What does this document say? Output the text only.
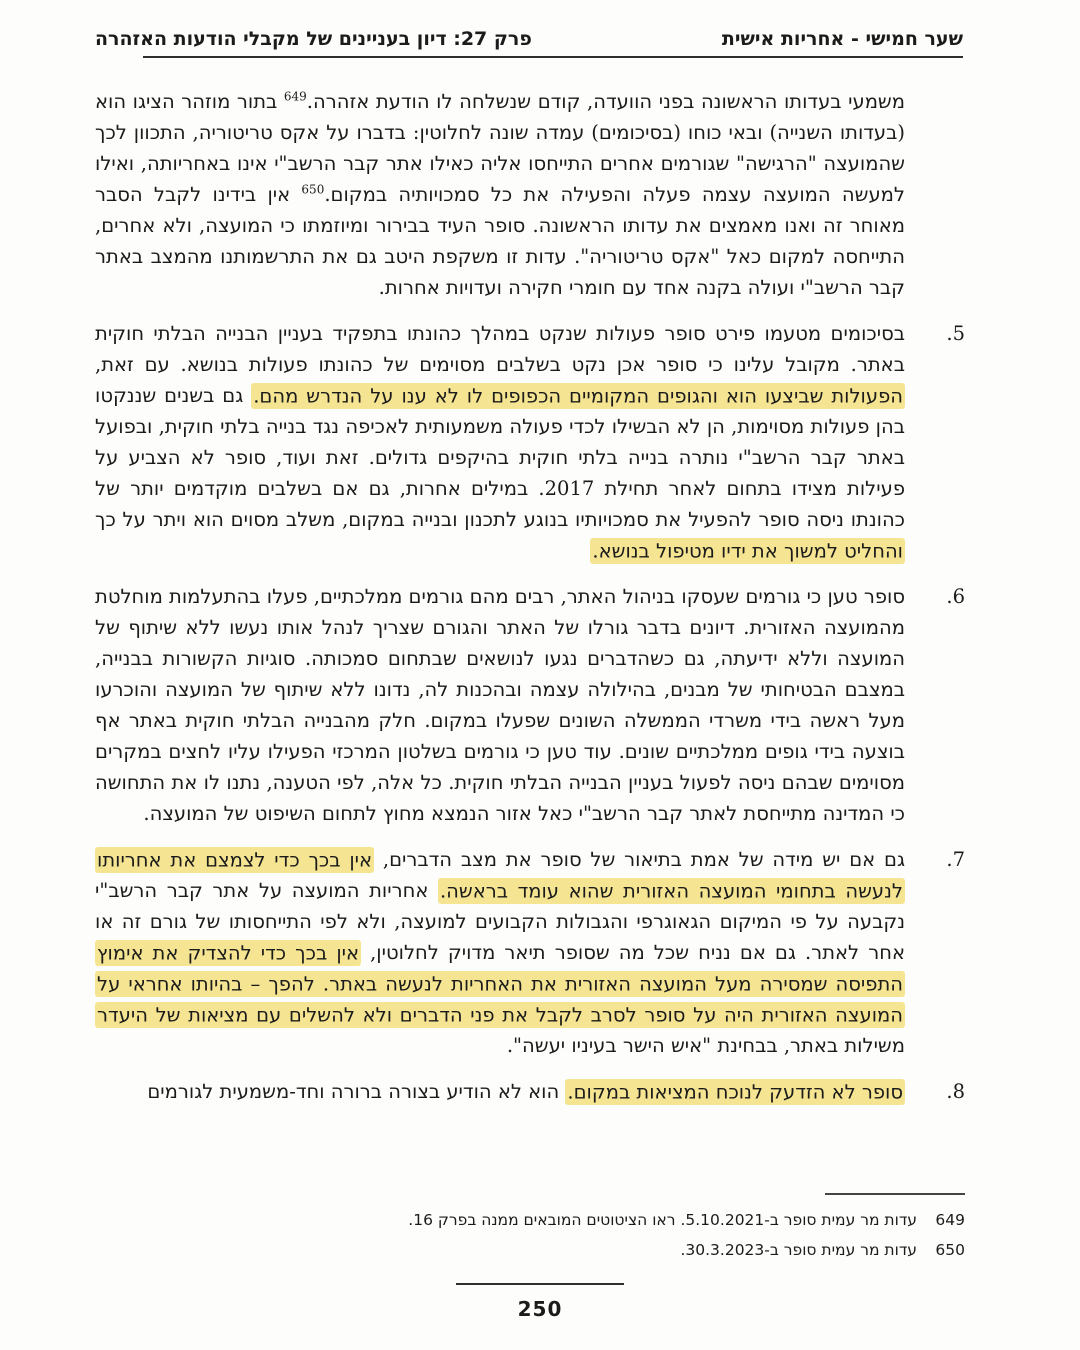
שער חמישי - אחריות אישית
פרק 27: דיון בעניינים של מקבלי הודעות האזהרה
משמעי בעדותו הראשונה בפני הוועדה, קודם שנשלחה לו הודעת אזהרה.$^{649}$ בתור מוזהר הציגו הוא (בעדותו השנייה) ובאי כוחו (בסיכומים) עמדה שונה לחלוטין: בדברו על אקס טריטוריה, התכוון לכך שהמועצה "הרגישה" שגורמים אחרים התייחסו אליה כאילו אתר קבר הרשב"י אינו באחריותה, ואילו למעשה המועצה עצמה פעלה והפעילה את כל סמכויותיה במקום.$^{650}$ אין בידינו לקבל הסבר מאוחר זה ואנו מאמצים את עדותו הראשונה. סופר העיד בבירור ומיוזמתו כי המועצה, ולא אחרים, התייחסה למקום כאל "אקס טריטוריה". עדות זו משקפת היטב גם את התרשמותנו מהמצב באתר קבר הרשב"י ועולה בקנה אחד עם חומרי חקירה ועדויות אחרות.
5.
בסיכומים מטעמו פירט סופר פעולות שנקט במהלך כהונתו בתפקיד בעניין הבנייה הבלתי חוקית באתר. מקובל עלינו כי סופר אכן נקט בשלבים מסוימים של כהונתו פעולות בנושא. עם זאת, הפעולות שביצעו הוא והגופים המקומיים הכפופים לו לא ענו על הנדרש מהם. גם בשנים שננקטו בהן פעולות מסוימות, הן לא הבשילו לכדי פעולה משמעותית לאכיפה נגד בנייה בלתי חוקית, ובפועל באתר קבר הרשב"י נותרה בנייה בלתי חוקית בהיקפים גדולים. זאת ועוד, סופר לא הצביע על פעילות מצידו בתחום לאחר תחילת 2017. במילים אחרות, גם אם בשלבים מוקדמים יותר של כהונתו ניסה סופר להפעיל את סמכויותיו בנוגע לתכנון ובנייה במקום, משלב מסוים הוא ויתר על כך והחליט למשוך את ידיו מטיפול בנושא.
6.
סופר טען כי גורמים שעסקו בניהול האתר, רבים מהם גורמים ממלכתיים, פעלו בהתעלמות מוחלטת מהמועצה האזורית. דיונים בדבר גורלו של האתר והגורם שצריך לנהל אותו נעשו ללא שיתוף של המועצה וללא ידיעתה, גם כשהדברים נגעו לנושאים שבתחום סמכותה. סוגיות הקשורות בבנייה, במצבם הבטיחותי של מבנים, בהילולה עצמה ובהכנות לה, נדונו ללא שיתוף של המועצה והוכרעו מעל ראשה בידי משרדי הממשלה השונים שפעלו במקום. חלק מהבנייה הבלתי חוקית באתר אף בוצעה בידי גופים ממלכתיים שונים. עוד טען כי גורמים בשלטון המרכזי הפעילו עליו לחצים במקרים מסוימים שבהם ניסה לפעול בעניין הבנייה הבלתי חוקית. כל אלה, לפי הטענה, נתנו לו את התחושה כי המדינה מתייחסת לאתר קבר הרשב"י כאל אזור הנמצא מחוץ לתחום השיפוט של המועצה.
7.
גם אם יש מידה של אמת בתיאור של סופר את מצב הדברים, אין בכך כדי לצמצם את אחריותו לנעשה בתחומי המועצה האזורית שהוא עומד בראשה. אחריות המועצה על אתר קבר הרשב"י נקבעה על פי המיקום הגאוגרפי והגבולות הקבועים למועצה, ולא לפי התייחסותו של גורם זה או אחר לאתר. גם אם נניח שכל מה שסופר תיאר מדויק לחלוטין, אין בכך כדי להצדיק את אימוץ התפיסה שמסירה מעל המועצה האזורית את האחריות לנעשה באתר. להפך – בהיותו אחראי על המועצה האזורית היה על סופר לסרב לקבל את פני הדברים ולא להשלים עם מציאות של היעדר משילות באתר, בבחינת "איש הישר בעיניו יעשה".
8.
סופר לא הזדעק לנוכח המציאות במקום. הוא לא הודיע בצורה ברורה וחד-משמעית לגורמים
649
עדות מר עמית סופר ב-5.10.2021. ראו הציטוטים המובאים ממנה בפרק 16.
650
עדות מר עמית סופר ב-30.3.2023.
250
